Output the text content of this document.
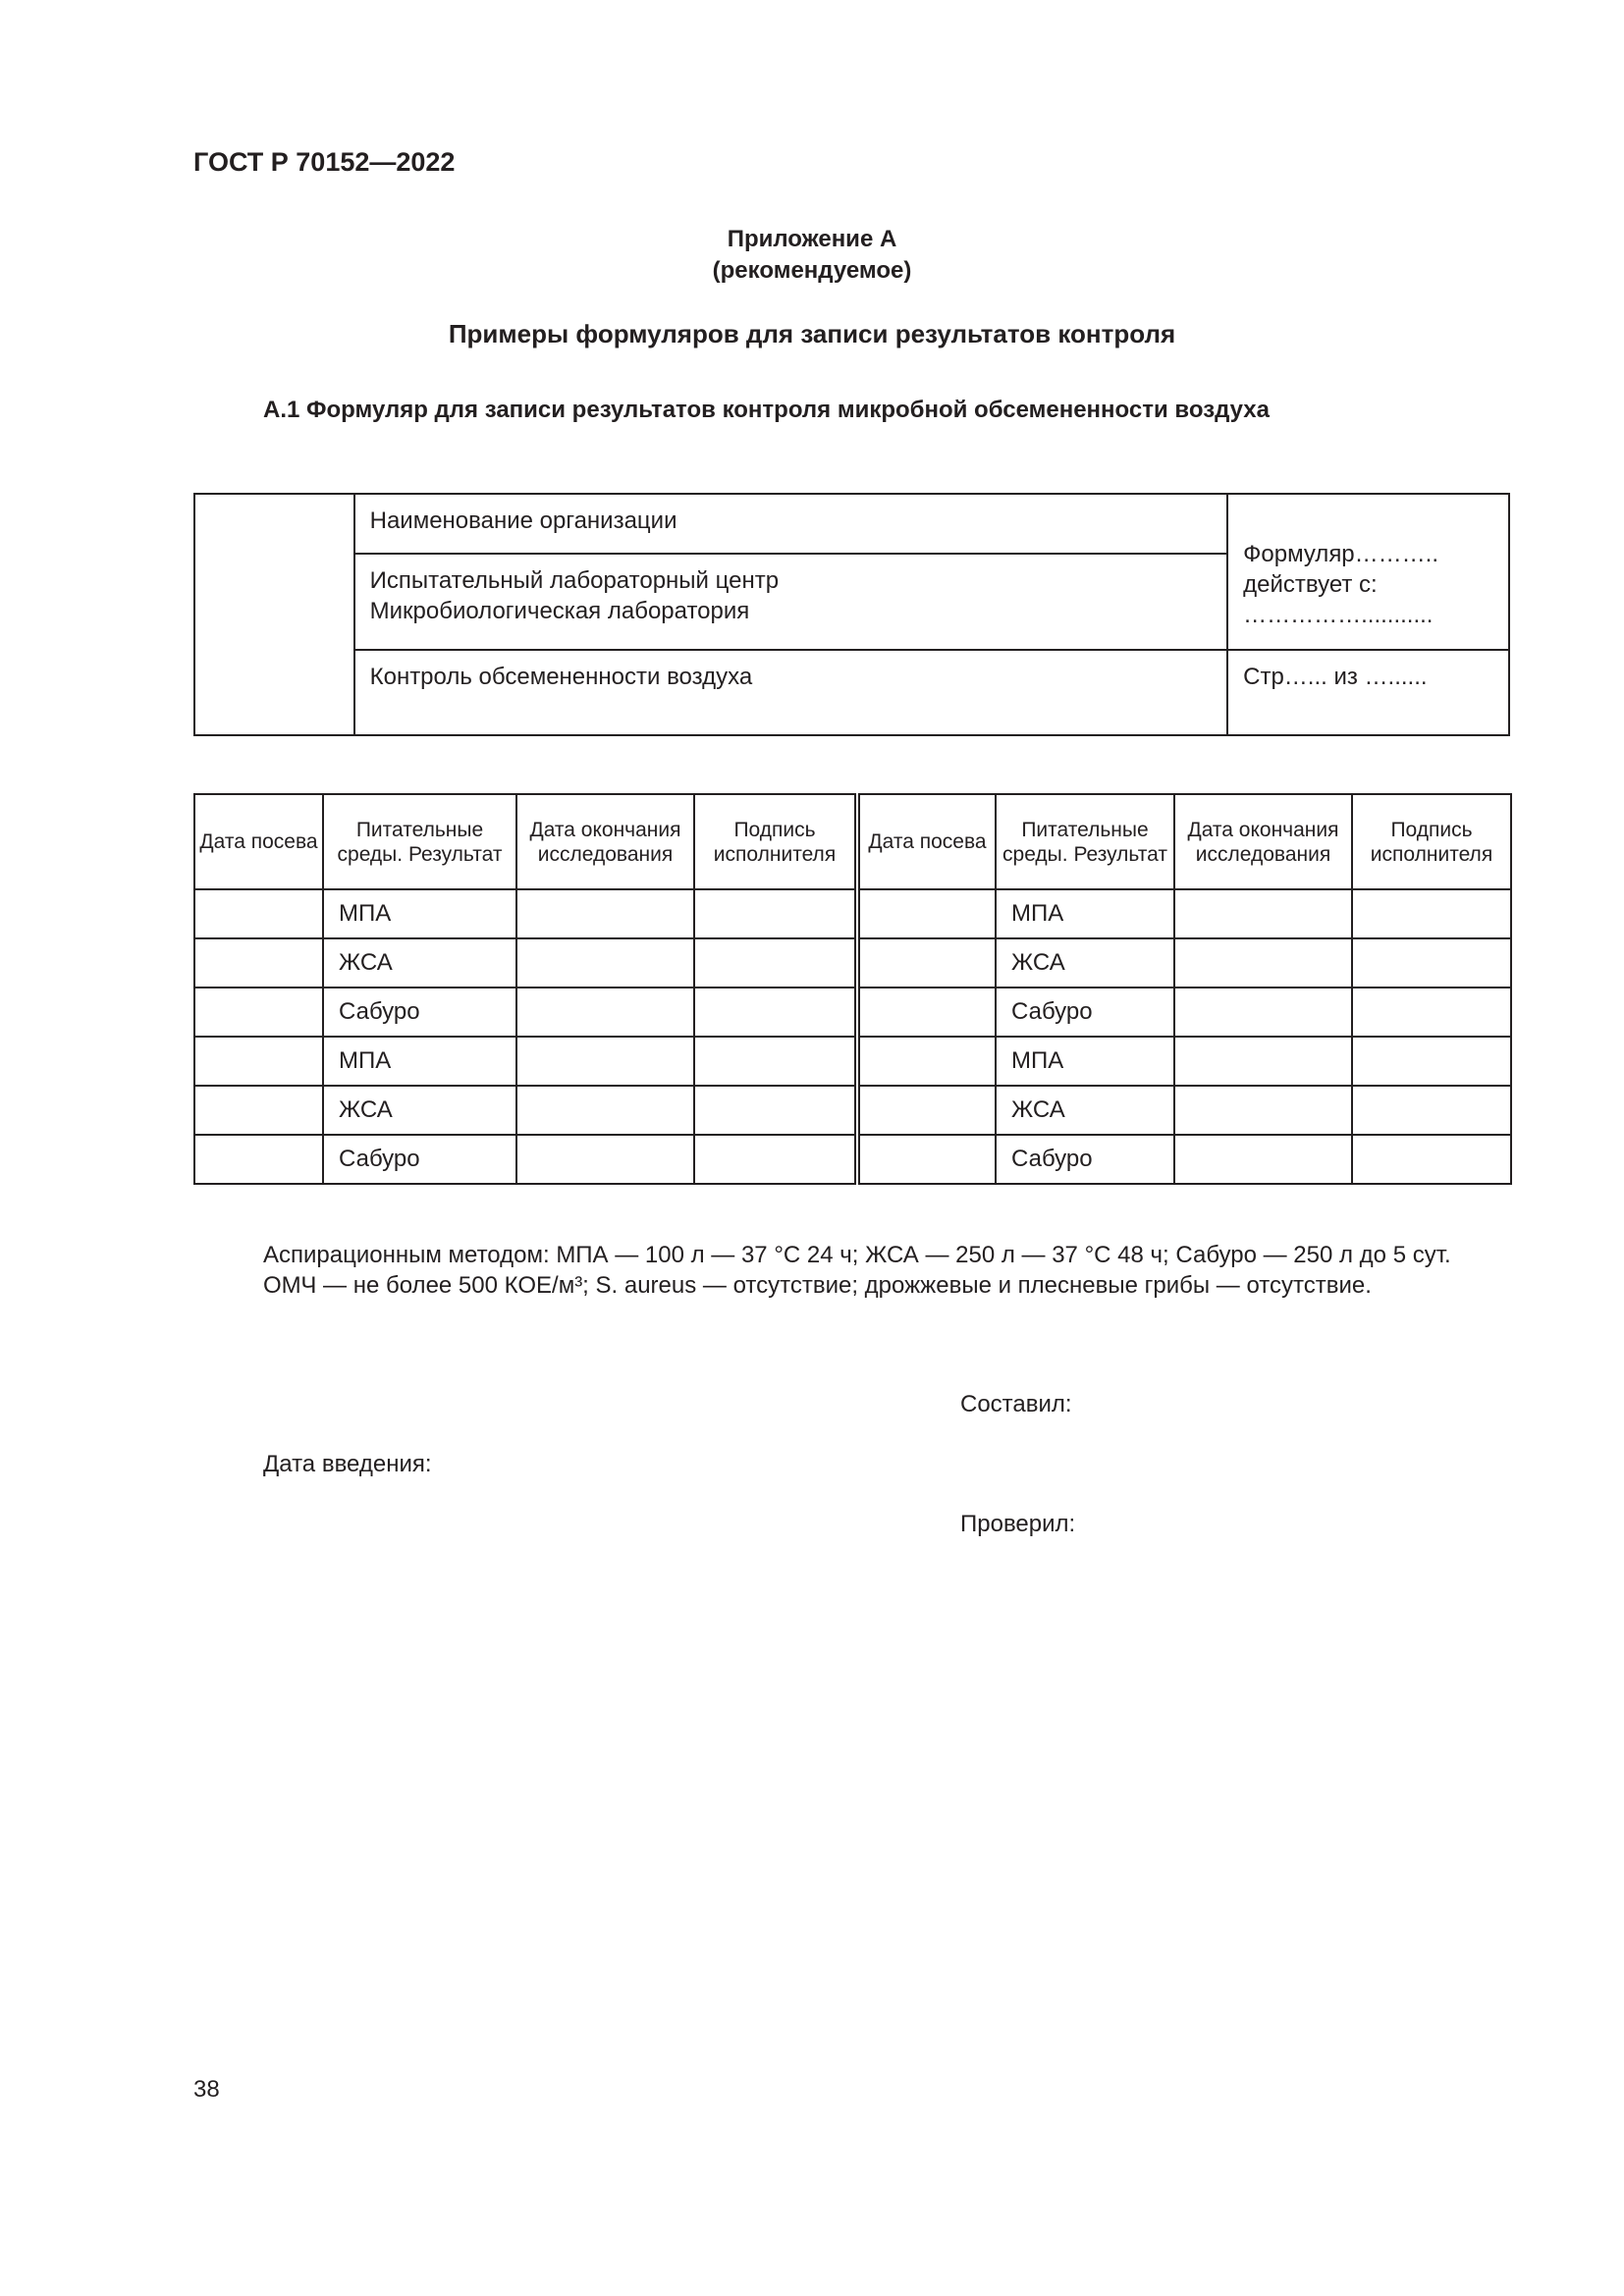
ГОСТ Р 70152—2022
Приложение А
(рекомендуемое)
Примеры формуляров для записи результатов контроля
А.1 Формуляр для записи результатов контроля микробной обсемененности воздуха

	Наименование организации	Формуляр………..
действует с:
……………...........

	Испытательный лабораторный центр
Микробиологическая лаборатория	

	Контроль обсемененности воздуха	Стр…... из …......
Дата посева	Питательные среды. Результат	Дата окончания исследования	Подпись исполнителя	Дата посева	Питательные среды. Результат	Дата окончания исследования	Подпись исполнителя
	МПА				МПА		
	ЖСА				ЖСА		
	Сабуро				Сабуро		
	МПА				МПА		
	ЖСА				ЖСА		
	Сабуро				Сабуро		
Аспирационным методом: МПА — 100 л — 37 °С 24 ч; ЖСА — 250 л — 37 °С 48 ч; Сабуро — 250 л до 5 сут.
ОМЧ — не более 500 КОЕ/м³; S. aureus — отсутствие; дрожжевые и плесневые грибы — отсутствие.
Составил:
Дата введения:
Проверил:
38
